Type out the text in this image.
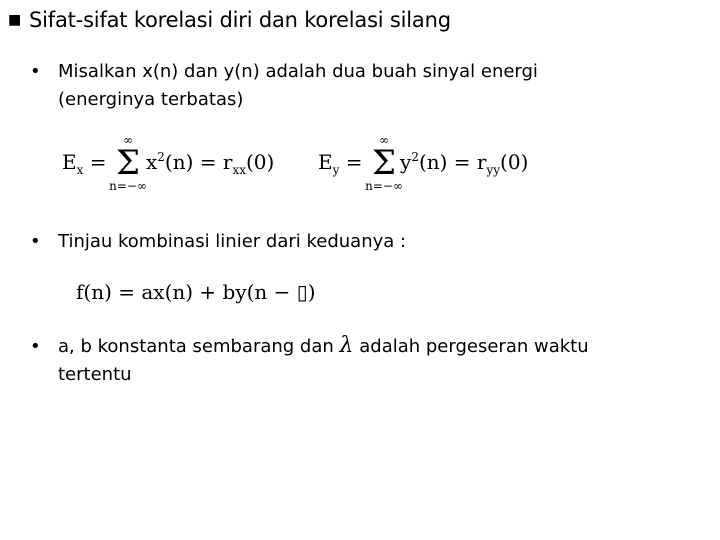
■ Sifat-sifat korelasi diri dan korelasi silang
• Misalkan x(n) dan y(n) adalah dua buah sinyal energi
(energinya terbatas)
$E_x$ =
∞
Σ
n=−∞
$x^2(n) = r_{xx}(0) E_y$ =
∞
Σ
n=−∞
$y^2(n) = r_{yy}(0)$
• Tinjau kombinasi linier dari keduanya :
f(n) = ax(n) + by(n − ▯)
• a, b konstanta sembarang dan λ adalah pergeseran waktu
tertentu
